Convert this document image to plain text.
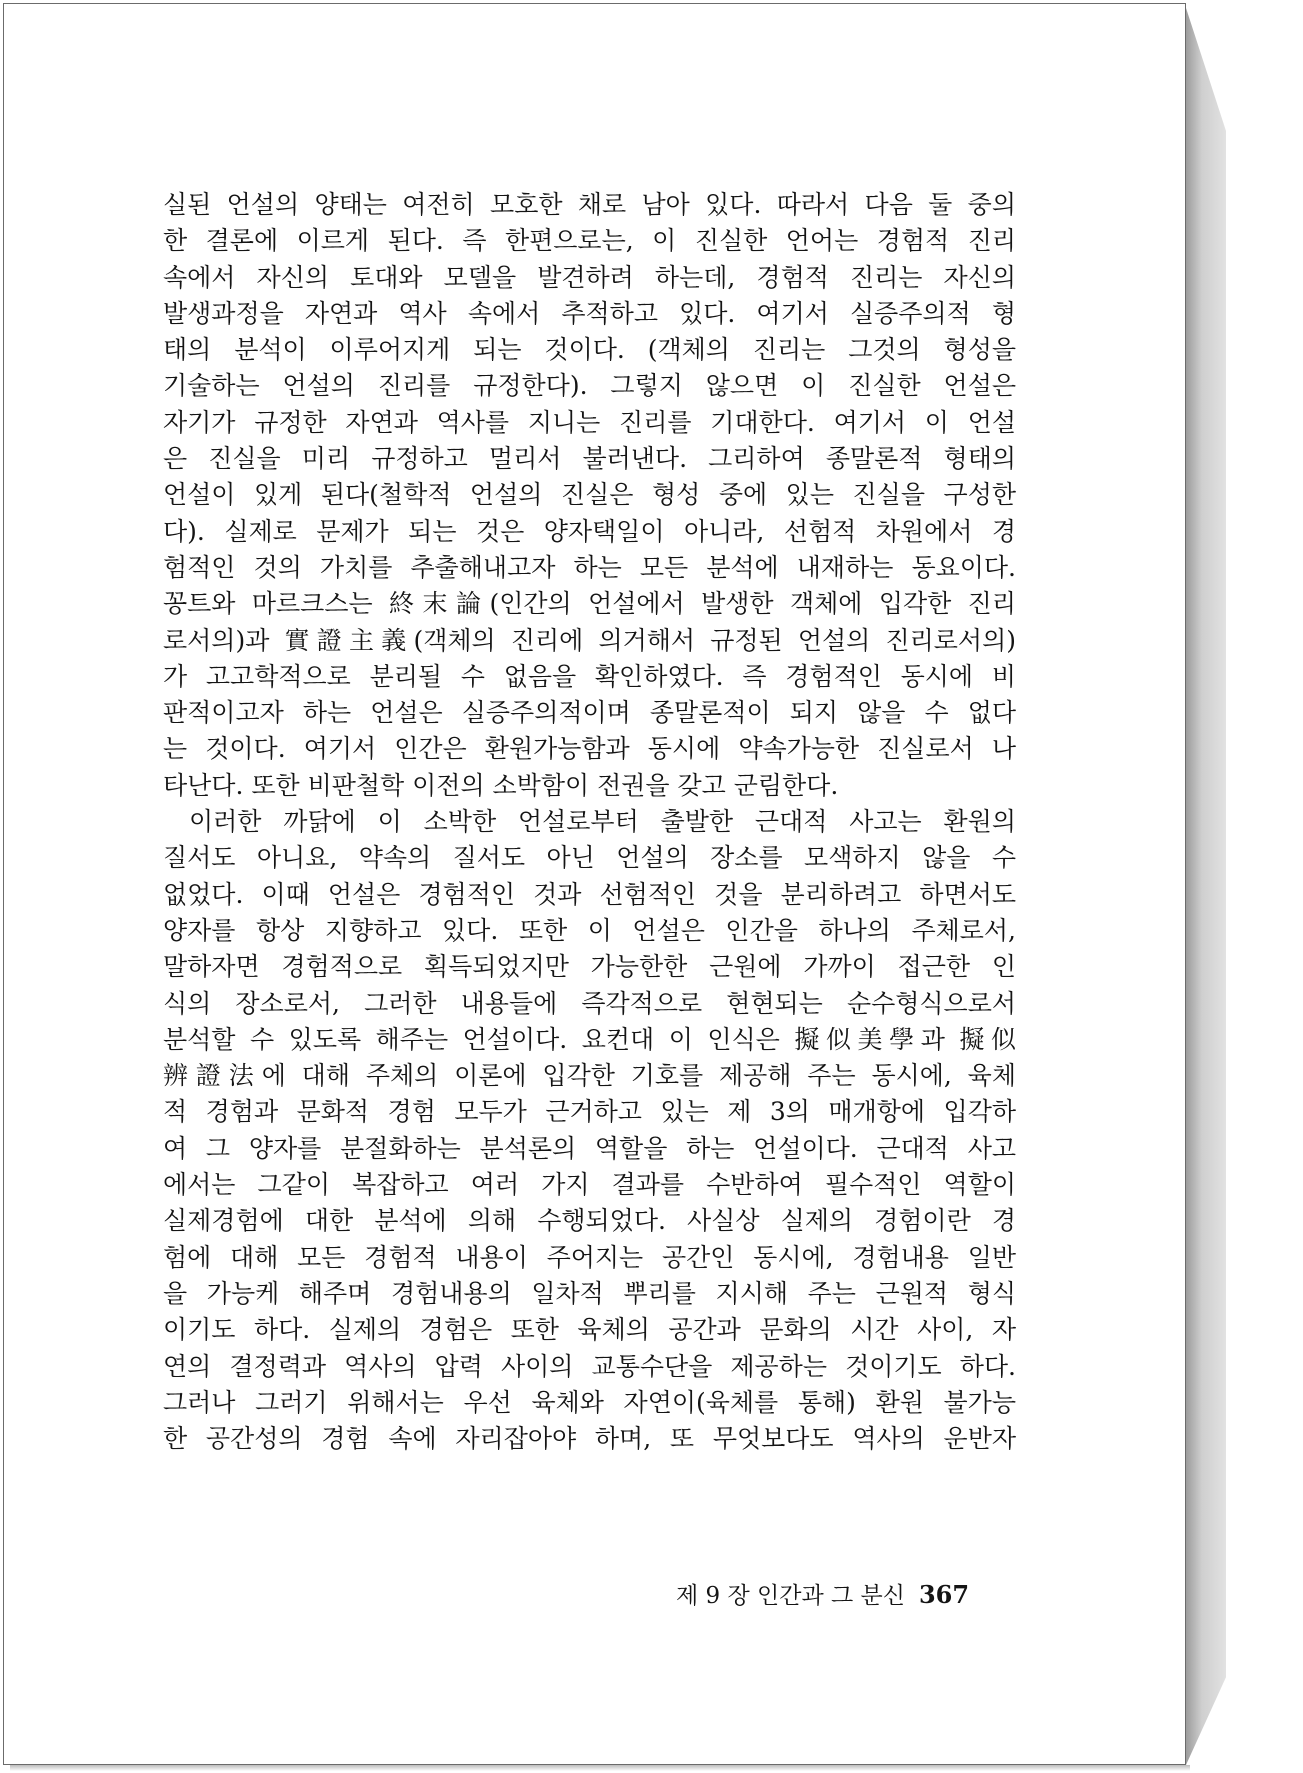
실된 언설의 양태는 여전히 모호한 채로 남아 있다. 따라서 다음 둘 중의
한 결론에 이르게 된다. 즉 한편으로는, 이 진실한 언어는 경험적 진리
속에서 자신의 토대와 모델을 발견하려 하는데, 경험적 진리는 자신의
발생과정을 자연과 역사 속에서 추적하고 있다. 여기서 실증주의적 형
태의 분석이 이루어지게 되는 것이다. (객체의 진리는 그것의 형성을
기술하는 언설의 진리를 규정한다). 그렇지 않으면 이 진실한 언설은
자기가 규정한 자연과 역사를 지니는 진리를 기대한다. 여기서 이 언설
은 진실을 미리 규정하고 멀리서 불러낸다. 그리하여 종말론적 형태의
언설이 있게 된다(철학적 언설의 진실은 형성 중에 있는 진실을 구성한
다). 실제로 문제가 되는 것은 양자택일이 아니라, 선험적 차원에서 경
험적인 것의 가치를 추출해내고자 하는 모든 분석에 내재하는 동요이다.
꽁트와 마르크스는 終末論(인간의 언설에서 발생한 객체에 입각한 진리
로서의)과 實證主義(객체의 진리에 의거해서 규정된 언설의 진리로서의)
가 고고학적으로 분리될 수 없음을 확인하였다. 즉 경험적인 동시에 비
판적이고자 하는 언설은 실증주의적이며 종말론적이 되지 않을 수 없다
는 것이다. 여기서 인간은 환원가능함과 동시에 약속가능한 진실로서 나
타난다. 또한 비판철학 이전의 소박함이 전권을 갖고 군림한다.
이러한 까닭에 이 소박한 언설로부터 출발한 근대적 사고는 환원의
질서도 아니요, 약속의 질서도 아닌 언설의 장소를 모색하지 않을 수
없었다. 이때 언설은 경험적인 것과 선험적인 것을 분리하려고 하면서도
양자를 항상 지향하고 있다. 또한 이 언설은 인간을 하나의 주체로서,
말하자면 경험적으로 획득되었지만 가능한한 근원에 가까이 접근한 인
식의 장소로서, 그러한 내용들에 즉각적으로 현현되는 순수형식으로서
분석할 수 있도록 해주는 언설이다. 요컨대 이 인식은 擬似美學과 擬似
辨證法에 대해 주체의 이론에 입각한 기호를 제공해 주는 동시에, 육체
적 경험과 문화적 경험 모두가 근거하고 있는 제 3의 매개항에 입각하
여 그 양자를 분절화하는 분석론의 역할을 하는 언설이다. 근대적 사고
에서는 그같이 복잡하고 여러 가지 결과를 수반하여 필수적인 역할이
실제경험에 대한 분석에 의해 수행되었다. 사실상 실제의 경험이란 경
험에 대해 모든 경험적 내용이 주어지는 공간인 동시에, 경험내용 일반
을 가능케 해주며 경험내용의 일차적 뿌리를 지시해 주는 근원적 형식
이기도 하다. 실제의 경험은 또한 육체의 공간과 문화의 시간 사이, 자
연의 결정력과 역사의 압력 사이의 교통수단을 제공하는 것이기도 하다.
그러나 그러기 위해서는 우선 육체와 자연이(육체를 통해) 환원 불가능
한 공간성의 경험 속에 자리잡아야 하며, 또 무엇보다도 역사의 운반자
제 9 장 인간과 그 분신 367
